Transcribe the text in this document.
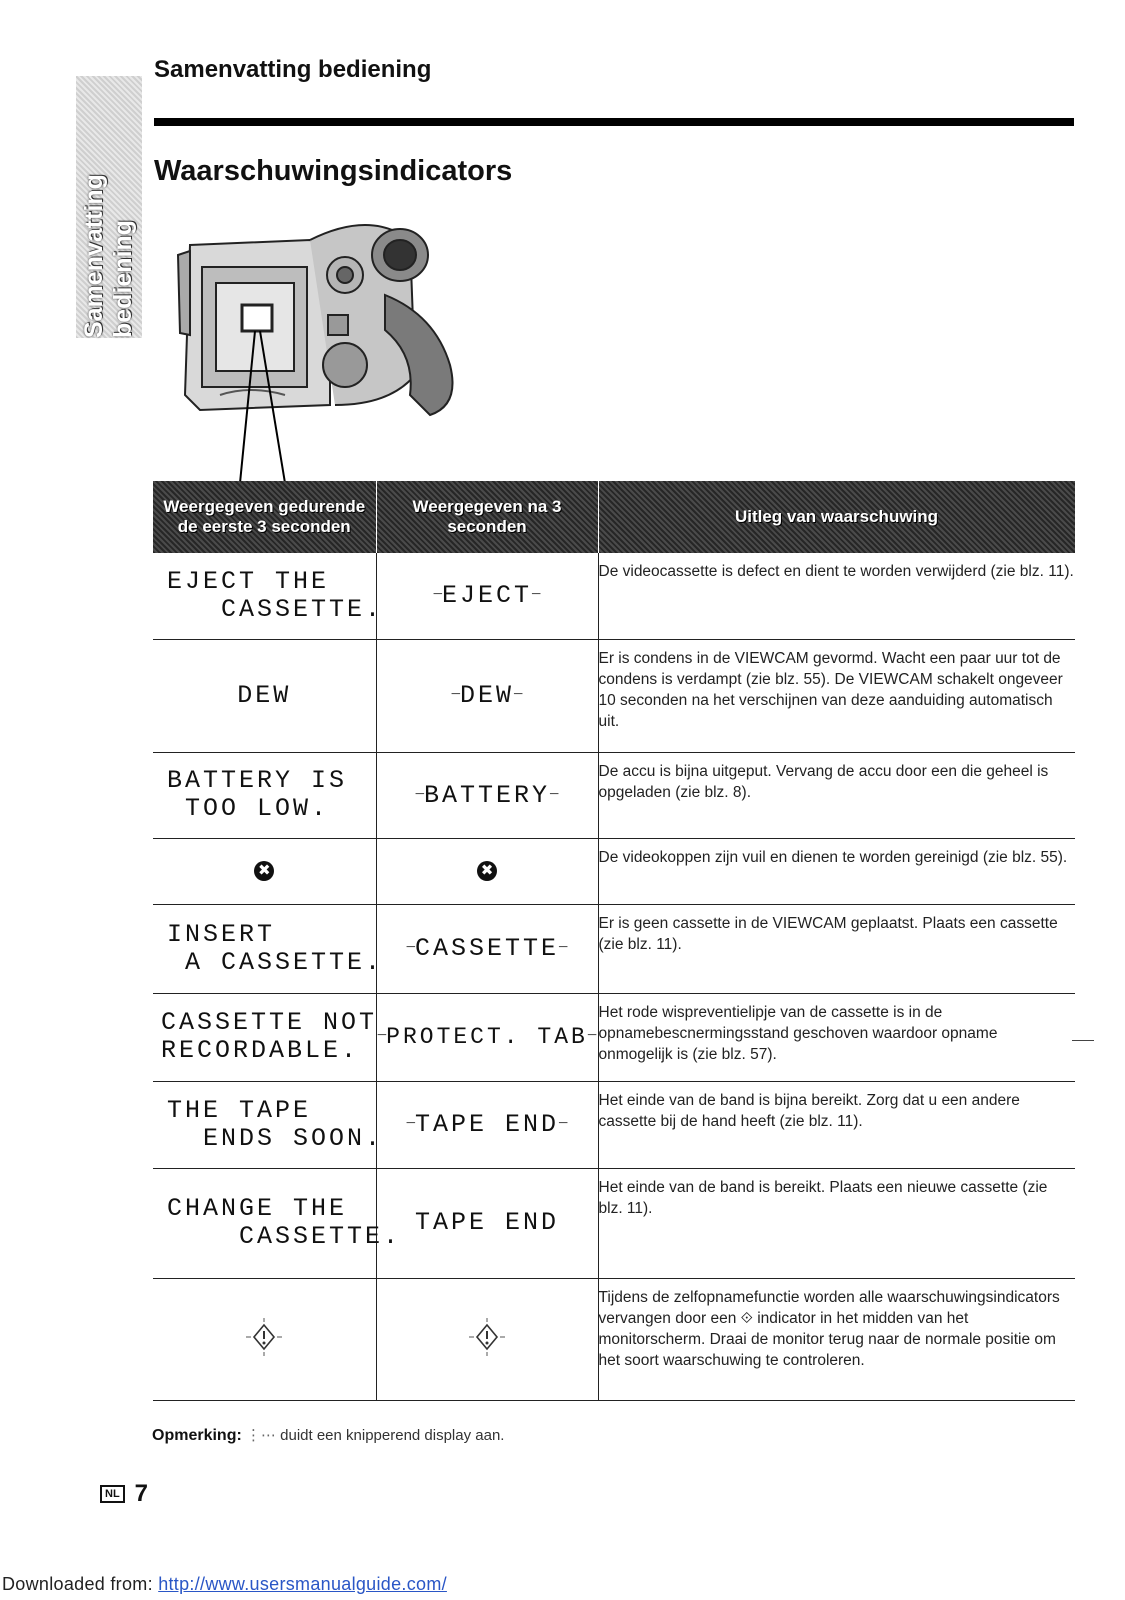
Samenvatting bediening
Samenvatting bediening
Waarschuwingsindicators
Weergegeven gedurende de eerste 3 seconden	Weergegeven na 3 seconden	Uitleg van waarschuwing

EJECT THE
CASSETTE.	─ EJECT ─	De videocassette is defect en dient te worden verwijderd (zie blz. 11).

DEW	─ DEW ─	Er is condens in de VIEWCAM gevormd. Wacht een paar uur tot de condens is verdampt (zie blz. 55). De VIEWCAM schakelt ongeveer 10 seconden na het verschijnen van deze aanduiding automatisch uit.

BATTERY IS
TOO LOW.	─ BATTERY ─	De accu is bijna uitgeput. Vervang de accu door een die geheel is opgeladen (zie blz. 8).
✖	✖	De videokoppen zijn vuil en dienen te worden gereinigd (zie blz. 55).

INSERT
A CASSETTE.	─ CASSETTE ─	Er is geen cassette in de VIEWCAM geplaatst. Plaats een cassette (zie blz. 11).

CASSETTE NOT
RECORDABLE.	─ PROTECT. TAB ─	Het rode wispreventielipje van de cassette is in de opnamebescnermingsstand geschoven waardoor opname onmogelijk is (zie blz. 57).

THE TAPE
ENDS SOON.	─ TAPE END ─	Het einde van de band is bijna bereikt. Zorg dat u een andere cassette bij de hand heeft (zie blz. 11).

CHANGE THE
CASSETTE.	TAPE END	Het einde van de band is bereikt. Plaats een nieuwe cassette (zie blz. 11).
		Tijdens de zelfopnamefunctie worden alle waarschuwingsindicators vervangen door een ⟐ indicator in het midden van het monitorscherm. Draai de monitor terug naar de normale positie om het soort waarschuwing te controleren.
Opmerking: ⋮⋯ duidt een knipperend display aan.
NL 7
Downloaded from: http://www.usersmanualguide.com/
